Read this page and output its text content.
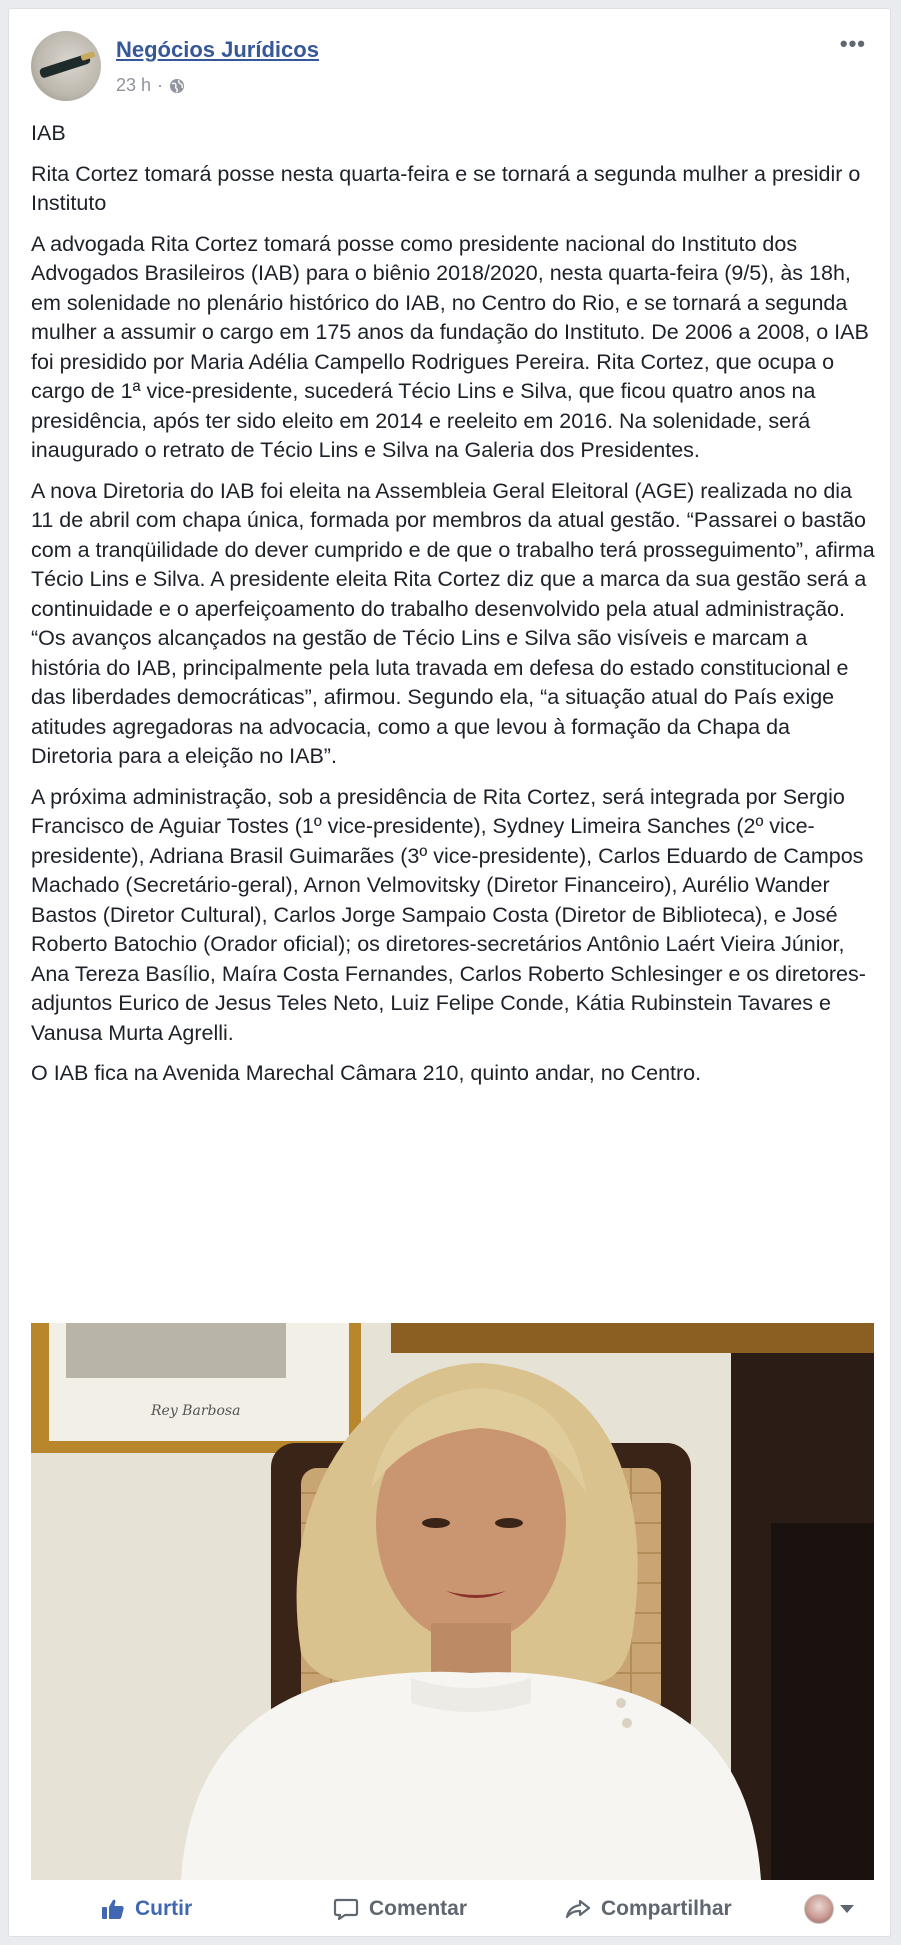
Negócios Jurídicos
23 h ·
•••

IAB

Rita Cortez tomará posse nesta quarta-feira e se tornará a segunda mulher a presidir o Instituto

A advogada Rita Cortez tomará posse como presidente nacional do Instituto dos Advogados Brasileiros (IAB) para o biênio 2018/2020, nesta quarta-feira (9/5), às 18h, em solenidade no plenário histórico do IAB, no Centro do Rio, e se tornará a segunda mulher a assumir o cargo em 175 anos da fundação do Instituto. De 2006 a 2008, o IAB foi presidido por Maria Adélia Campello Rodrigues Pereira. Rita Cortez, que ocupa o cargo de 1ª vice-presidente, sucederá Técio Lins e Silva, que ficou quatro anos na presidência, após ter sido eleito em 2014 e reeleito em 2016. Na solenidade, será inaugurado o retrato de Técio Lins e Silva na Galeria dos Presidentes.

A nova Diretoria do IAB foi eleita na Assembleia Geral Eleitoral (AGE) realizada no dia 11 de abril com chapa única, formada por membros da atual gestão. “Passarei o bastão com a tranqüilidade do dever cumprido e de que o trabalho terá prosseguimento”, afirma Técio Lins e Silva. A presidente eleita Rita Cortez diz que a marca da sua gestão será a continuidade e o aperfeiçoamento do trabalho desenvolvido pela atual administração. “Os avanços alcançados na gestão de Técio Lins e Silva são visíveis e marcam a história do IAB, principalmente pela luta travada em defesa do estado constitucional e das liberdades democráticas”, afirmou. Segundo ela, “a situação atual do País exige atitudes agregadoras na advocacia, como a que levou à formação da Chapa da Diretoria para a eleição no IAB”.

A próxima administração, sob a presidência de Rita Cortez, será integrada por Sergio Francisco de Aguiar Tostes (1º vice-presidente), Sydney Limeira Sanches (2º vice-presidente), Adriana Brasil Guimarães (3º vice-presidente), Carlos Eduardo de Campos Machado (Secretário-geral), Arnon Velmovitsky (Diretor Financeiro), Aurélio Wander Bastos (Diretor Cultural), Carlos Jorge Sampaio Costa (Diretor de Biblioteca), e José Roberto Batochio (Orador oficial); os diretores-secretários Antônio Laért Vieira Júnior, Ana Tereza Basílio, Maíra Costa Fernandes, Carlos Roberto Schlesinger e os diretores-adjuntos Eurico de Jesus Teles Neto, Luiz Felipe Conde, Kátia Rubinstein Tavares e Vanusa Murta Agrelli.

O IAB fica na Avenida Marechal Câmara 210, quinto andar, no Centro.

Rey Barbosa
Curtir	Comentar	Compartilhar
